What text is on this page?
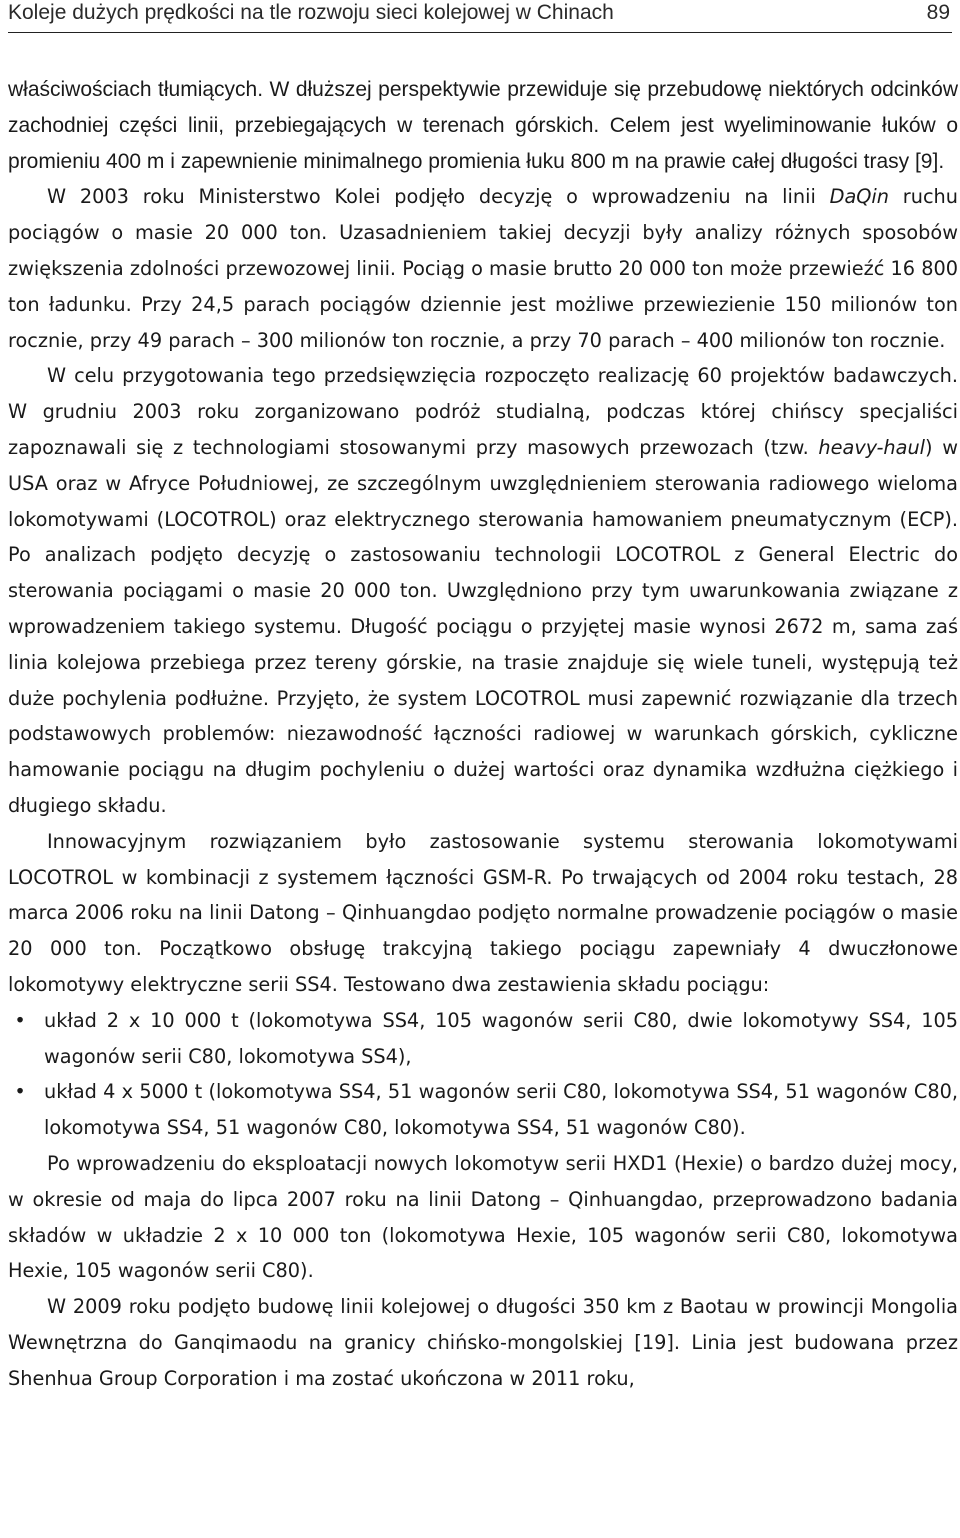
Koleje dużych prędkości na tle rozwoju sieci kolejowej w Chinach	89

właściwościach tłumiących. W dłuższej perspektywie przewiduje się przebudowę niektórych odcinków zachodniej części linii, przebiegających w terenach górskich. Celem jest wyeliminowanie łuków o promieniu 400 m i zapewnienie minimalnego promienia łuku 800 m na prawie całej długości trasy [9].

W 2003 roku Ministerstwo Kolei podjęło decyzję o wprowadzeniu na linii DaQin ruchu pociągów o masie 20 000 ton. Uzasadnieniem takiej decyzji były analizy różnych sposobów zwiększenia zdolności przewozowej linii. Pociąg o masie brutto 20 000 ton może przewieźć 16 800 ton ładunku. Przy 24,5 parach pociągów dziennie jest możliwe przewiezienie 150 milionów ton rocznie, przy 49 parach – 300 milionów ton rocznie, a przy 70 parach – 400 milionów ton rocznie.

W celu przygotowania tego przedsięwzięcia rozpoczęto realizację 60 projektów badawczych. W grudniu 2003 roku zorganizowano podróż studialną, podczas której chińscy specjaliści zapoznawali się z technologiami stosowanymi przy masowych przewozach (tzw. heavy-haul) w USA oraz w Afryce Południowej, ze szczególnym uwzględnieniem sterowania radiowego wieloma lokomotywami (LOCOTROL) oraz elektrycznego sterowania hamowaniem pneumatycznym (ECP). Po analizach podjęto decyzję o zastosowaniu technologii LOCOTROL z General Electric do sterowania pociągami o masie 20 000 ton. Uwzględniono przy tym uwarunkowania związane z wprowadzeniem takiego systemu. Długość pociągu o przyjętej masie wynosi 2672 m, sama zaś linia kolejowa przebiega przez tereny górskie, na trasie znajduje się wiele tuneli, występują też duże pochylenia podłużne. Przyjęto, że system LOCOTROL musi zapewnić rozwiązanie dla trzech podstawowych problemów: niezawodność łączności radiowej w warunkach górskich, cykliczne hamowanie pociągu na długim pochyleniu o dużej wartości oraz dynamika wzdłużna ciężkiego i długiego składu.

Innowacyjnym rozwiązaniem było zastosowanie systemu sterowania lokomotywami LOCOTROL w kombinacji z systemem łączności GSM-R. Po trwających od 2004 roku testach, 28 marca 2006 roku na linii Datong – Qinhuangdao podjęto normalne prowadzenie pociągów o masie 20 000 ton. Początkowo obsługę trakcyjną takiego pociągu zapewniały 4 dwuczłonowe lokomotywy elektryczne serii SS4. Testowano dwa zestawienia składu pociągu:

• układ 2 x 10 000 t (lokomotywa SS4, 105 wagonów serii C80, dwie lokomotywy SS4, 105 wagonów serii C80, lokomotywa SS4),
• układ 4 x 5000 t (lokomotywa SS4, 51 wagonów serii C80, lokomotywa SS4, 51 wagonów C80, lokomotywa SS4, 51 wagonów C80, lokomotywa SS4, 51 wagonów C80).

Po wprowadzeniu do eksploatacji nowych lokomotyw serii HXD1 (Hexie) o bardzo dużej mocy, w okresie od maja do lipca 2007 roku na linii Datong – Qinhuangdao, przeprowadzono badania składów w układzie 2 x 10 000 ton (lokomotywa Hexie, 105 wagonów serii C80, lokomotywa Hexie, 105 wagonów serii C80).

W 2009 roku podjęto budowę linii kolejowej o długości 350 km z Baotau w prowincji Mongolia Wewnętrzna do Ganqimaodu na granicy chińsko-mongolskiej [19]. Linia jest budowana przez Shenhua Group Corporation i ma zostać ukończona w 2011 roku,
